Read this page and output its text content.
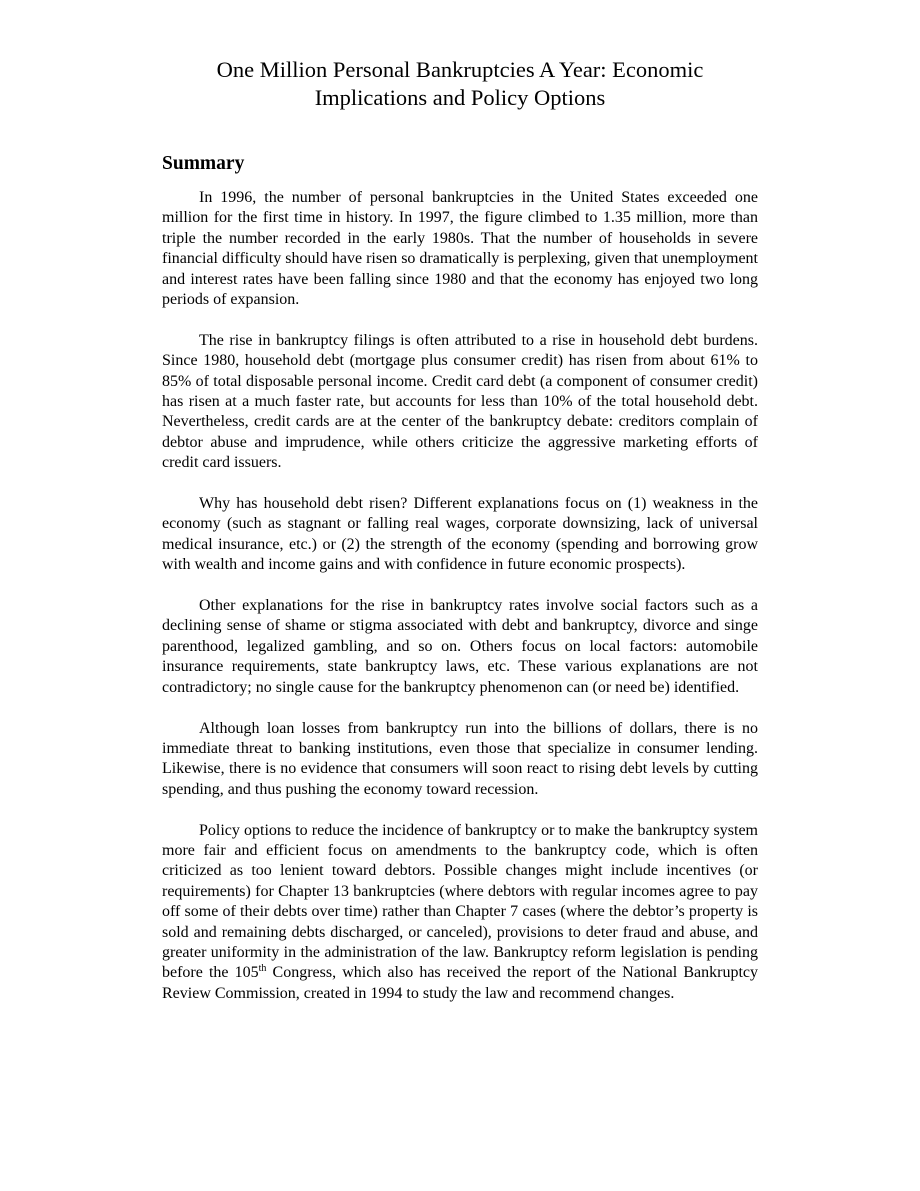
One Million Personal Bankruptcies A Year: Economic
Implications and Policy Options
Summary

In 1996, the number of personal bankruptcies in the United States exceeded one million for the first time in history. In 1997, the figure climbed to 1.35 million, more than triple the number recorded in the early 1980s. That the number of households in severe financial difficulty should have risen so dramatically is perplexing, given that unemployment and interest rates have been falling since 1980 and that the economy has enjoyed two long periods of expansion.

The rise in bankruptcy filings is often attributed to a rise in household debt burdens. Since 1980, household debt (mortgage plus consumer credit) has risen from about 61% to 85% of total disposable personal income. Credit card debt (a component of consumer credit) has risen at a much faster rate, but accounts for less than 10% of the total household debt. Nevertheless, credit cards are at the center of the bankruptcy debate: creditors complain of debtor abuse and imprudence, while others criticize the aggressive marketing efforts of credit card issuers.

Why has household debt risen? Different explanations focus on (1) weakness in the economy (such as stagnant or falling real wages, corporate downsizing, lack of universal medical insurance, etc.) or (2) the strength of the economy (spending and borrowing grow with wealth and income gains and with confidence in future economic prospects).

Other explanations for the rise in bankruptcy rates involve social factors such as a declining sense of shame or stigma associated with debt and bankruptcy, divorce and singe parenthood, legalized gambling, and so on. Others focus on local factors: automobile insurance requirements, state bankruptcy laws, etc. These various explanations are not contradictory; no single cause for the bankruptcy phenomenon can (or need be) identified.

Although loan losses from bankruptcy run into the billions of dollars, there is no immediate threat to banking institutions, even those that specialize in consumer lending. Likewise, there is no evidence that consumers will soon react to rising debt levels by cutting spending, and thus pushing the economy toward recession.

Policy options to reduce the incidence of bankruptcy or to make the bankruptcy system more fair and efficient focus on amendments to the bankruptcy code, which is often criticized as too lenient toward debtors. Possible changes might include incentives (or requirements) for Chapter 13 bankruptcies (where debtors with regular incomes agree to pay off some of their debts over time) rather than Chapter 7 cases (where the debtor’s property is sold and remaining debts discharged, or canceled), provisions to deter fraud and abuse, and greater uniformity in the administration of the law. Bankruptcy reform legislation is pending before the 105th Congress, which also has received the report of the National Bankruptcy Review Commission, created in 1994 to study the law and recommend changes.
